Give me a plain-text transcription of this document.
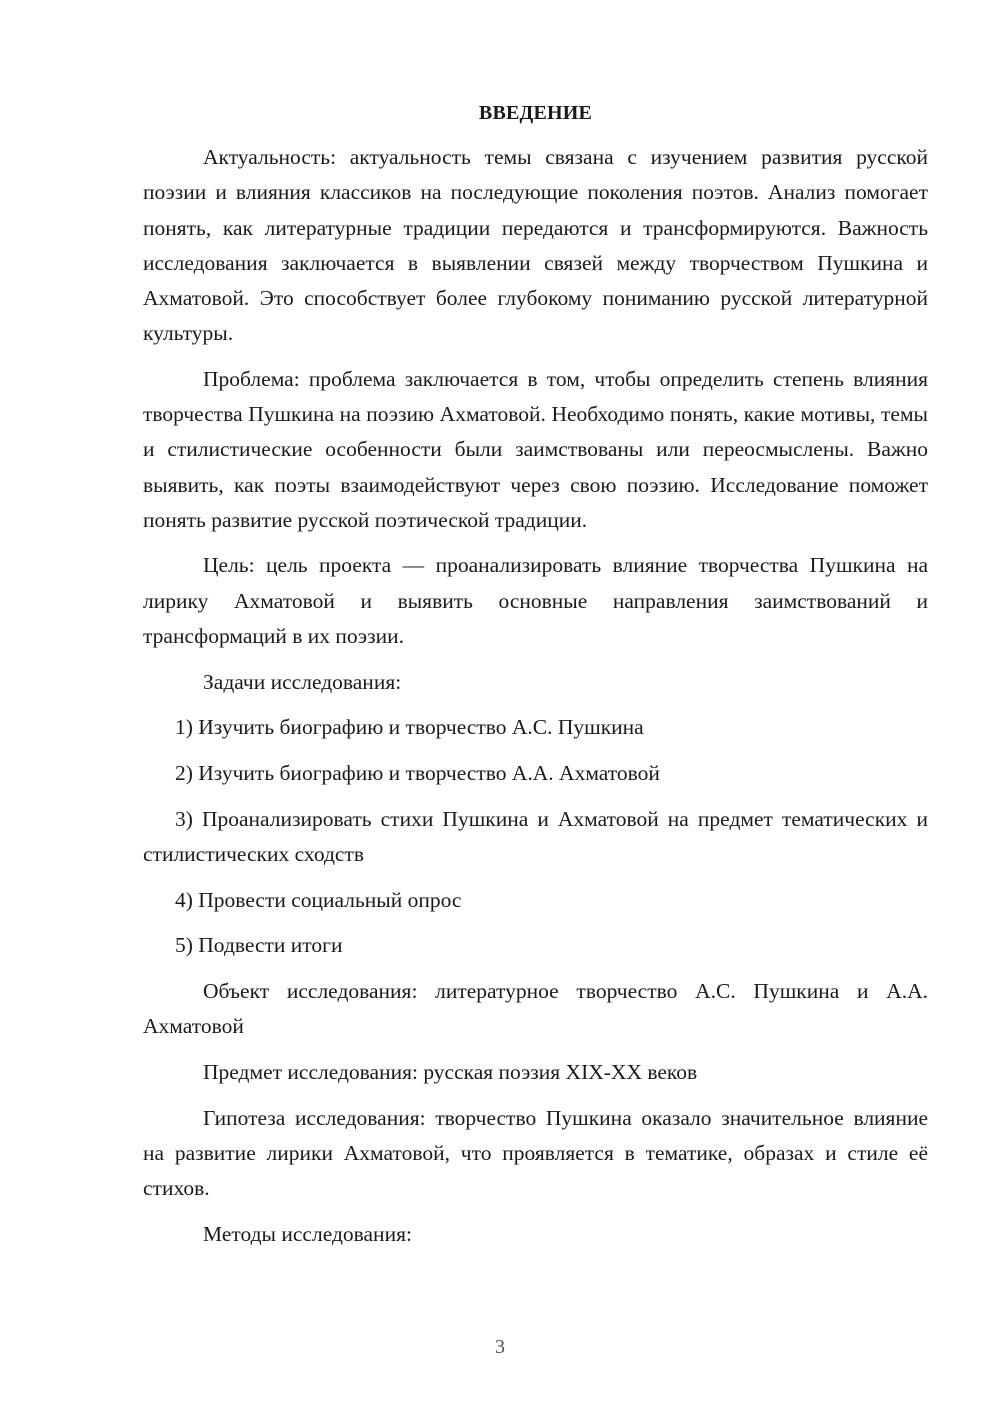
ВВЕДЕНИЕ
Актуальность: актуальность темы связана с изучением развития русской поэзии и влияния классиков на последующие поколения поэтов. Анализ помогает понять, как литературные традиции передаются и трансформируются. Важность исследования заключается в выявлении связей между творчеством Пушкина и Ахматовой. Это способствует более глубокому пониманию русской литературной культуры.
Проблема: проблема заключается в том, чтобы определить степень влияния творчества Пушкина на поэзию Ахматовой. Необходимо понять, какие мотивы, темы и стилистические особенности были заимствованы или переосмыслены. Важно выявить, как поэты взаимодействуют через свою поэзию. Исследование поможет понять развитие русской поэтической традиции.
Цель: цель проекта — проанализировать влияние творчества Пушкина на лирику Ахматовой и выявить основные направления заимствований и трансформаций в их поэзии.
Задачи исследования:
1) Изучить биографию и творчество А.С. Пушкина
2) Изучить биографию и творчество А.А. Ахматовой
3) Проанализировать стихи Пушкина и Ахматовой на предмет тематических и стилистических сходств
4) Провести социальный опрос
5) Подвести итоги
Объект исследования: литературное творчество А.С. Пушкина и А.А. Ахматовой
Предмет исследования: русская поэзия XIX-XX веков
Гипотеза исследования: творчество Пушкина оказало значительное влияние на развитие лирики Ахматовой, что проявляется в тематике, образах и стиле её стихов.
Методы исследования:
3
